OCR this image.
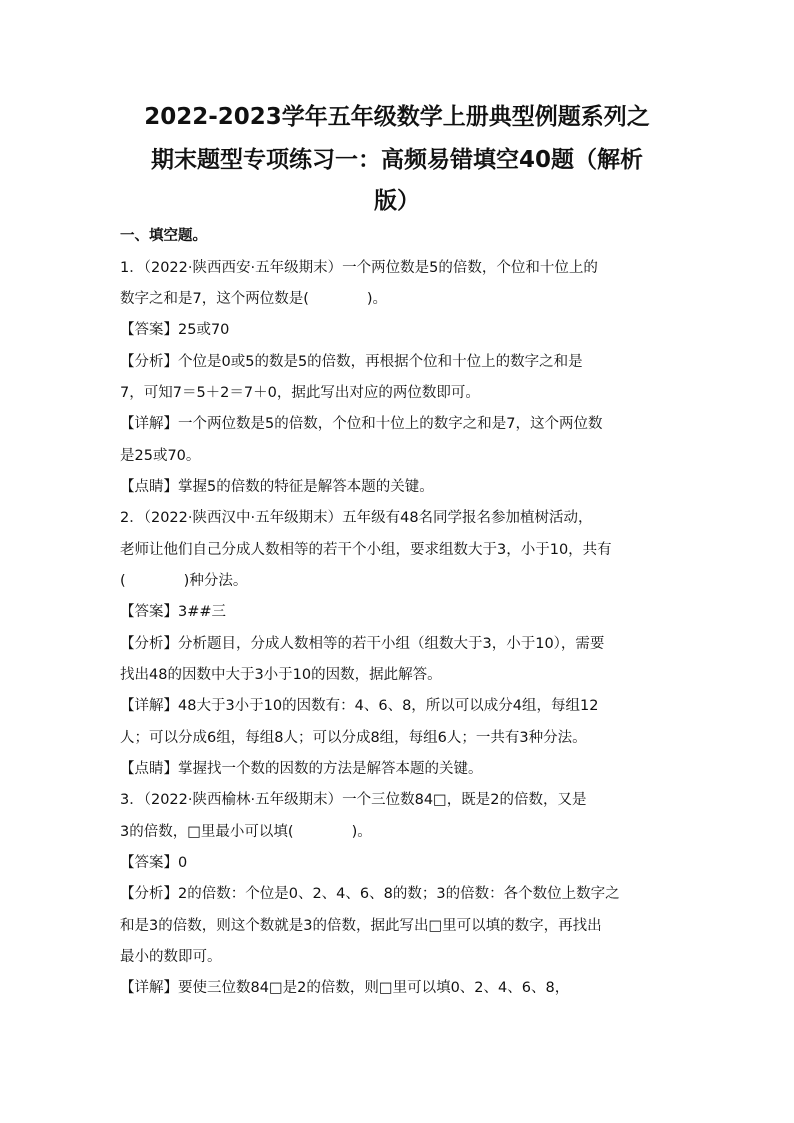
2022-2023学年五年级数学上册典型例题系列之
期末题型专项练习一：高频易错填空40题（解析
版）
一、填空题。
1．（2022·陕西西安·五年级期末）一个两位数是5的倍数，个位和十位上的
数字之和是7，这个两位数是(　　　　)。
【答案】25或70
【分析】个位是0或5的数是5的倍数，再根据个位和十位上的数字之和是
7，可知7＝5＋2＝7＋0，据此写出对应的两位数即可。
【详解】一个两位数是5的倍数，个位和十位上的数字之和是7，这个两位数
是25或70。
【点睛】掌握5的倍数的特征是解答本题的关键。
2．（2022·陕西汉中·五年级期末）五年级有48名同学报名参加植树活动，
老师让他们自己分成人数相等的若干个小组，要求组数大于3，小于10，共有
(　　　　)种分法。
【答案】3##三
【分析】分析题目，分成人数相等的若干小组（组数大于3，小于10），需要
找出48的因数中大于3小于10的因数，据此解答。
【详解】48大于3小于10的因数有：4、6、8，所以可以成分4组，每组12
人；可以分成6组，每组8人；可以分成8组，每组6人；一共有3种分法。
【点睛】掌握找一个数的因数的方法是解答本题的关键。
3．（2022·陕西榆林·五年级期末）一个三位数84□，既是2的倍数，又是
3的倍数，□里最小可以填(　　　　)。
【答案】0
【分析】2的倍数：个位是0、2、4、6、8的数；3的倍数：各个数位上数字之
和是3的倍数，则这个数就是3的倍数，据此写出□里可以填的数字，再找出
最小的数即可。
【详解】要使三位数84□是2的倍数，则□里可以填0、2、4、6、8，
